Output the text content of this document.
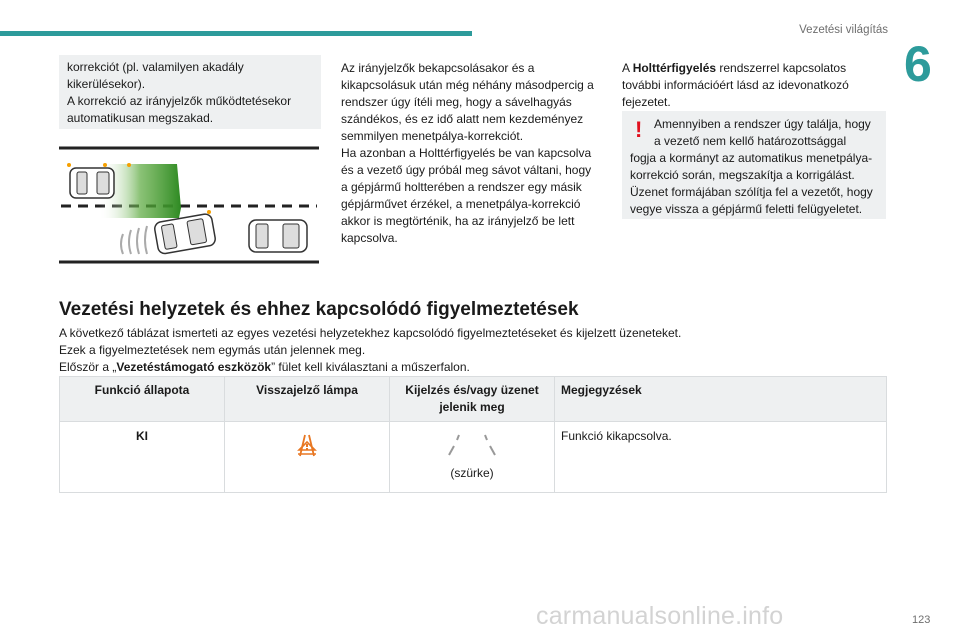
Vezetési világítás
6

korrekciót (pl. valamilyen akadály

kikerülésekor).

A korrekció az irányjelzők működtetésekor

automatikusan megszakad.

Az irányjelzők bekapcsolásakor és a kikapcsolásuk után még néhány másodpercig a rendszer úgy ítéli meg, hogy a sávelhagyás szándékos, és ez idő alatt nem kezdeményez semmilyen menetpálya-korrekciót.

Ha azonban a Holttérfigyelés be van kapcsolva és a vezető úgy próbál meg sávot váltani, hogy a gépjármű holtterében a rendszer egy másik gépjárművet érzékel, a menetpálya-korrekció akkor is megtörténik, ha az irányjelző be lett kapcsolva.

A Holttérfigyelés rendszerrel kapcsolatos további információért lásd az idevonatkozó fejezetet.

! Amennyiben a rendszer úgy találja, hogy a vezető nem kellő határozottsággal
fogja a kormányt az automatikus menetpálya-korrekció során, megszakítja a korrigálást. Üzenet formájában szólítja fel a vezetőt, hogy vegye vissza a gépjármű feletti felügyeletet.
Vezetési helyzetek és ehhez kapcsolódó figyelmeztetések

A következő táblázat ismerteti az egyes vezetési helyzetekhez kapcsolódó figyelmeztetéseket és kijelzett üzeneteket.

Ezek a figyelmeztetések nem egymás után jelennek meg.

Először a „Vezetéstámogató eszközök” fület kell kiválasztani a műszerfalon.

Funkció állapota	Visszajelző lámpa	Kijelzés és/vagy üzenet jelenik meg	Megjegyzések
KI		(szürke)	Funkció kikapcsolva.
carmanualsonline.info	123
